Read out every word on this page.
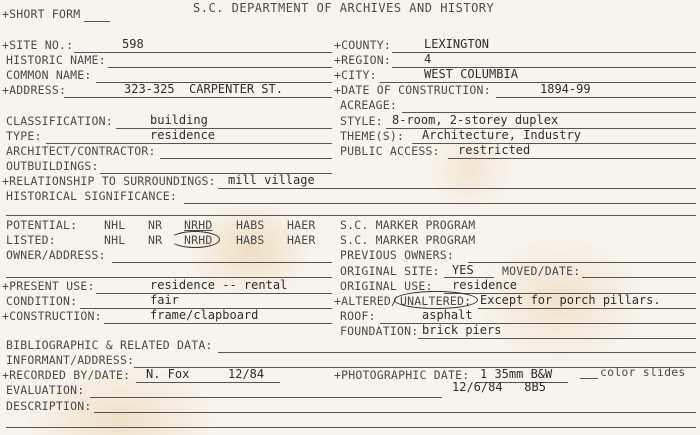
+SHORT FORM	S.C. DEPARTMENT OF ARCHIVES AND HISTORY
+SITE NO.:	598
HISTORIC NAME:
COMMON NAME:
+ADDRESS:	323-325  CARPENTER ST.
CLASSIFICATION:	building
TYPE:	residence
ARCHITECT/CONTRACTOR:
OUTBUILDINGS:
+RELATIONSHIP TO SURROUNDINGS: mill village
HISTORICAL SIGNIFICANCE:
POTENTIAL: NHL NR NRHD HABS HAER
LISTED:	NHL NR NRHD HABS HAER
OWNER/ADDRESS:
+PRESENT USE:	residence -- rental
CONDITION:	fair
+CONSTRUCTION:	frame/clapboard
BIBLIOGRAPHIC & RELATED DATA:
INFORMANT/ADDRESS:
+RECORDED BY/DATE: N. Fox	12/84
EVALUATION:
DESCRIPTION:
+COUNTY:	LEXINGTON
+REGION:	4
+CITY:	WEST COLUMBIA
+DATE OF CONSTRUCTION:	1894-99
ACREAGE:
STYLE: 8-room, 2-storey duplex
THEME(S): Architecture, Industry
PUBLIC ACCESS: restricted
S.C. MARKER PROGRAM
S.C. MARKER PROGRAM
PREVIOUS OWNERS:
ORIGINAL SITE: YES MOVED/DATE:
ORIGINAL USE: residence
+ALTERED/ UNALTERED: Except for porch pillars.
ROOF:	asphalt
FOUNDATION: brick piers
+PHOTOGRAPHIC DATE: 1 35mm B&W	color slides
12/6/84   8B5
